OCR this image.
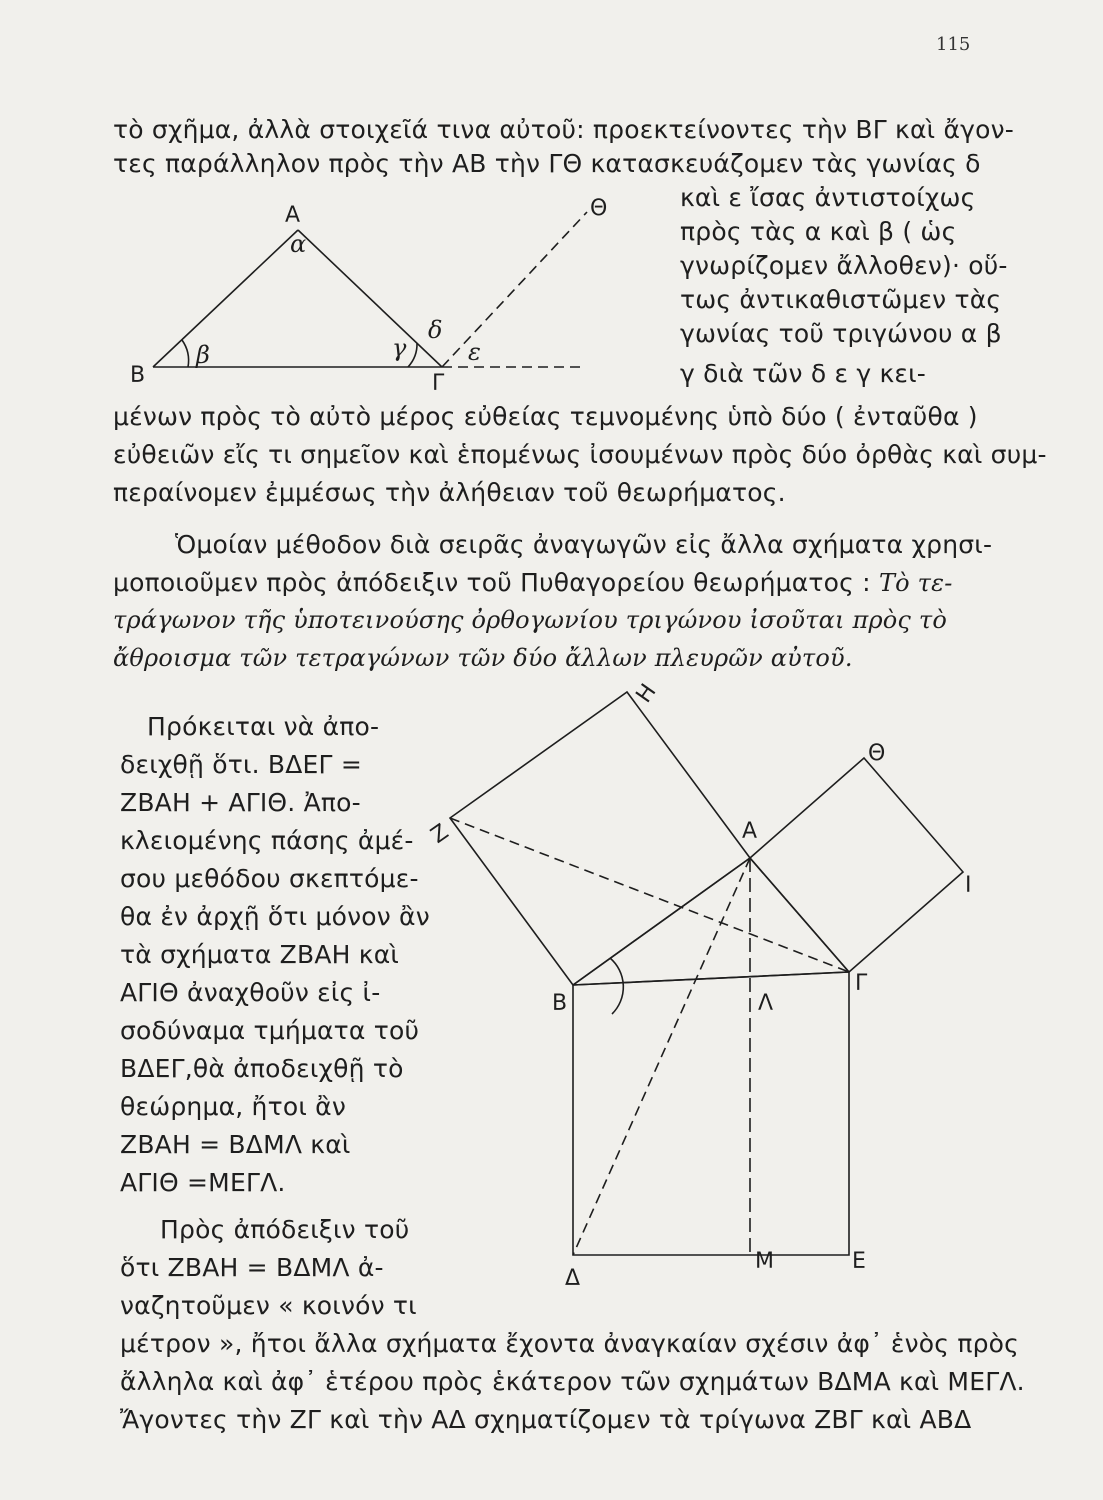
115
τὸ σχῆμα, ἀλλὰ στοιχεῖά τινα αὐτοῦ: προεκτείνοντες τὴν ΒΓ καὶ ἄγον-
τες παράλληλον πρὸς τὴν ΑΒ τὴν ΓΘ κατασκευάζομεν τὰς γωνίας δ
καὶ ε ἴσας ἀντιστοίχως
πρὸς τὰς α καὶ β ( ὡς
γνωρίζομεν ἄλλοθεν)· οὕ-
τως ἀντικαθιστῶμεν τὰς
γωνίας τοῦ τριγώνου α β
γ διὰ τῶν δ ε γ κει-
μένων πρὸς τὸ αὐτὸ μέρος εὐθείας τεμνομένης ὑπὸ δύο ( ἐνταῦθα )
εὐθειῶν εἴς τι σημεῖον καὶ ἑπομένως ἰσουμένων πρὸς δύο ὀρθὰς καὶ συμ-
περαίνομεν ἐμμέσως τὴν ἀλήθειαν τοῦ θεωρήματος.
Ὁμοίαν μέθοδον διὰ σειρᾶς ἀναγωγῶν εἰς ἄλλα σχήματα χρησι-
μοποιοῦμεν πρὸς ἀπόδειξιν τοῦ Πυθαγορείου θεωρήματος : Τὸ τε-
τράγωνον τῆς ὑποτεινούσης ὀρθογωνίου τριγώνου ἰσοῦται πρὸς τὸ
ἄθροισμα τῶν τετραγώνων τῶν δύο ἄλλων πλευρῶν αὐτοῦ.
Πρόκειται νὰ ἀπο-
δειχθῇ ὅτι. ΒΔΕΓ =
ΖΒΑΗ + ΑΓΙΘ. Ἀπο-
κλειομένης πάσης ἀμέ-
σου μεθόδου σκεπτόμε-
θα ἐν ἀρχῇ ὅτι μόνον ἂν
τὰ σχήματα ΖΒΑΗ καὶ
ΑΓΙΘ ἀναχθοῦν εἰς ἰ-
σοδύναμα τμήματα τοῦ
ΒΔΕΓ,θὰ ἀποδειχθῇ τὸ
θεώρημα, ἤτοι ἂν
ΖΒΑΗ = ΒΔΜΛ καὶ
ΑΓΙΘ =ΜΕΓΛ.
Πρὸς ἀπόδειξιν τοῦ
ὅτι ΖΒΑΗ = ΒΔΜΛ ἀ-
ναζητοῦμεν « κοινόν τι
μέτρον », ἤτοι ἄλλα σχήματα ἔχοντα ἀναγκαίαν σχέσιν ἀφ᾿ ἑνὸς πρὸς
ἄλληλα καὶ ἀφ᾿ ἑτέρου πρὸς ἑκάτερον τῶν σχημάτων ΒΔΜΑ καὶ ΜΕΓΛ.
Ἄγοντες τὴν ΖΓ καὶ τὴν ΑΔ σχηματίζομεν τὰ τρίγωνα ΖΒΓ καὶ ΑΒΔ
Α
Β	Γ
Θ
α
β	γ
δ
ε
Η
Θ
Ζ	Α
Ι
Β
Γ
Λ
Δ
Μ	Ε
